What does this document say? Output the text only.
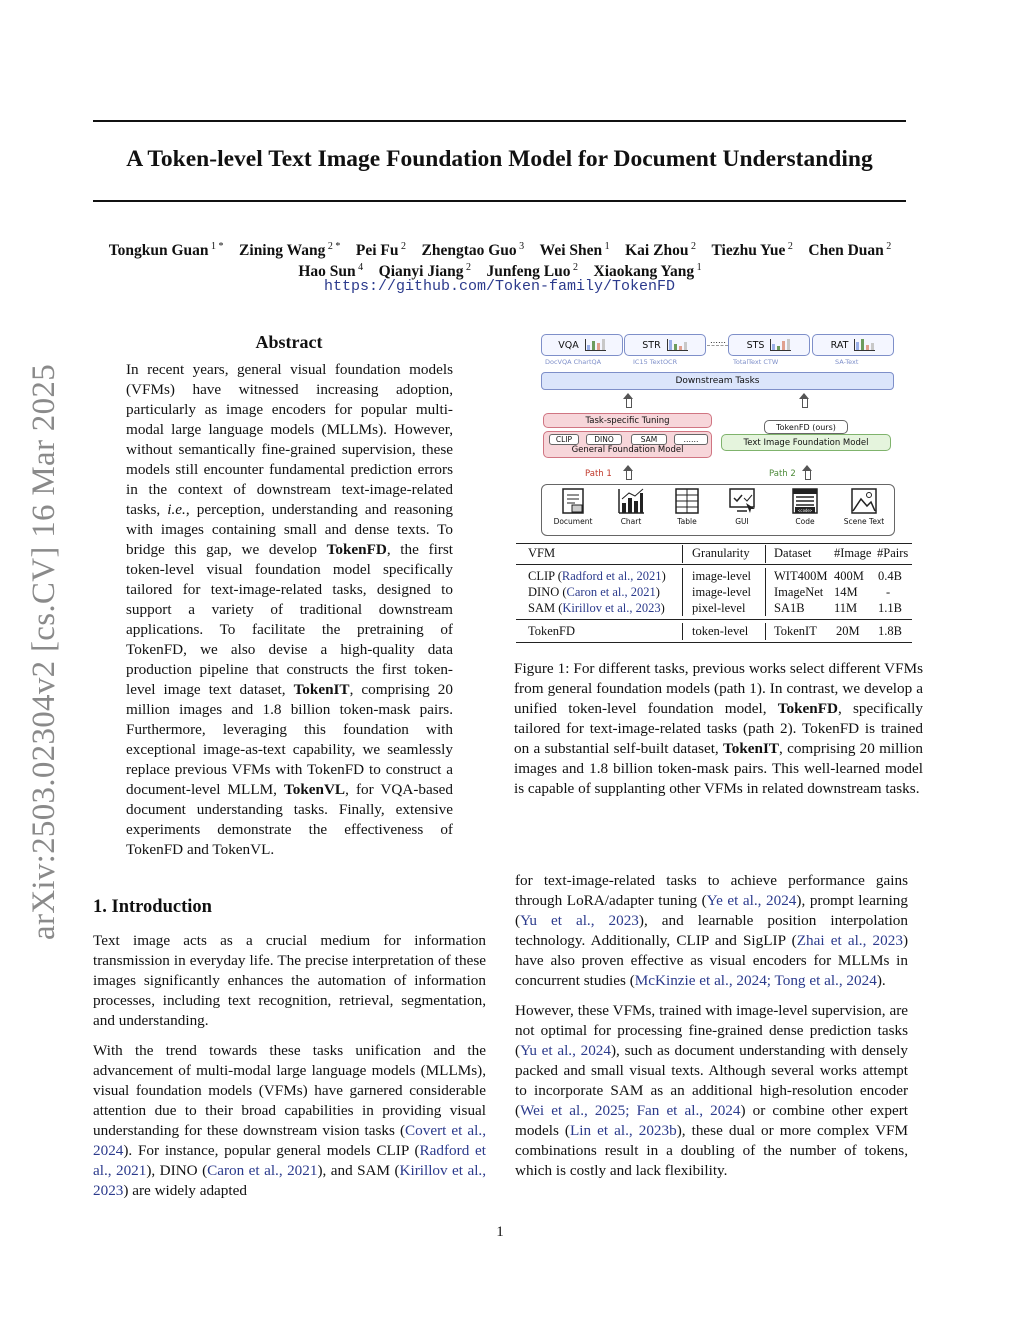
A Token-level Text Image Foundation Model for Document Understanding
Tongkun Guan $^{1 *}$  Zining Wang $^{2 *}$  Pei Fu $^2$  Zhengtao Guo $^3$  Wei Shen $^1$  Kai Zhou $^2$  Tiezhu Yue $^2$  Chen Duan $^2$
Hao Sun $^4$  Qianyi Jiang $^2$  Junfeng Luo $^2$  Xiaokang Yang $^1$
https://github.com/Token-family/TokenFD
arXiv:2503.02304v2 [cs.CV] 16 Mar 2025
Abstract
In recent years, general visual foundation models (VFMs) have witnessed increasing adoption, particularly as image encoders for popular multi-modal large language models (MLLMs). However, without semantically fine-grained supervision, these models still encounter fundamental prediction errors in the context of downstream text-image-related tasks, i.e., perception, understanding and reasoning with images containing small and dense texts. To bridge this gap, we develop TokenFD, the first token-level visual foundation model specifically tailored for text-image-related tasks, designed to support a variety of traditional downstream applications. To facilitate the pretraining of TokenFD, we also devise a high-quality data production pipeline that constructs the first token-level image text dataset, TokenIT, comprising 20 million images and 1.8 billion token-mask pairs. Furthermore, leveraging this foundation with exceptional image-as-text capability, we seamlessly replace previous VFMs with TokenFD to construct a document-level MLLM, TokenVL, for VQA-based document understanding tasks. Finally, extensive experiments demonstrate the effectiveness of TokenFD and TokenVL.
1. Introduction

Text image acts as a crucial medium for information transmission in everyday life. The precise interpretation of these images significantly enhances the automation of information processes, including text recognition, retrieval, segmentation, and understanding.

With the trend towards these tasks unification and the advancement of multi-modal large language models (MLLMs), visual foundation models (VFMs) have garnered considerable attention due to their broad capabilities in providing visual understanding for these downstream vision tasks (Covert et al., 2024). For instance, popular general models CLIP (Radford et al., 2021), DINO (Caron et al., 2021), and SAM (Kirillov et al., 2023) are widely adapted

for text-image-related tasks to achieve performance gains through LoRA/adapter tuning (Ye et al., 2024), prompt learning (Yu et al., 2023), and learnable position interpolation technology. Additionally, CLIP and SigLIP (Zhai et al., 2023) have also proven effective as visual encoders for MLLMs in concurrent studies (McKinzie et al., 2024; Tong et al., 2024).

However, these VFMs, trained with image-level supervision, are not optimal for processing fine-grained dense prediction tasks (Yu et al., 2024), such as document understanding with densely packed and small visual texts. Although several works attempt to incorporate SAM as an additional high-resolution encoder (Wei et al., 2025; Fan et al., 2024) or combine other expert models (Lin et al., 2023b), these dual or more complex VFM combinations result in a doubling of the number of tokens, which is costly and lack flexibility.

VQA
DocVQA ChartQA
STR
IC15 TextOCR
…… STS
TotalText CTW
RAT
SA-Text
Downstream Tasks
Task-specific Tuning
General Foundation Model
CLIP	DINO	SAM	……
TokenFD (ours)
Text Image Foundation Model
Path 1	Path 2
Document	Chart	Table	GUI
<code>
Code	Scene Text
VFM	Granularity Dataset #Image #Pairs
CLIP (Radford et al., 2021) image-level WIT400M 400M 0.4B
DINO (Caron et al., 2021)	image-level ImageNet 14M -
SAM (Kirillov et al., 2023) pixel-level SA1B 11M 1.1B
TokenFD	token-level TokenIT 20M 1.8B
Figure 1: For different tasks, previous works select different VFMs from general foundation models (path 1). In contrast, we develop a unified token-level foundation model, TokenFD, specifically tailored for text-image-related tasks (path 2). TokenFD is trained on a substantial self-built dataset, TokenIT, comprising 20 million images and 1.8 billion token-mask pairs. This well-learned model is capable of supplanting other VFMs in related downstream tasks.
1
